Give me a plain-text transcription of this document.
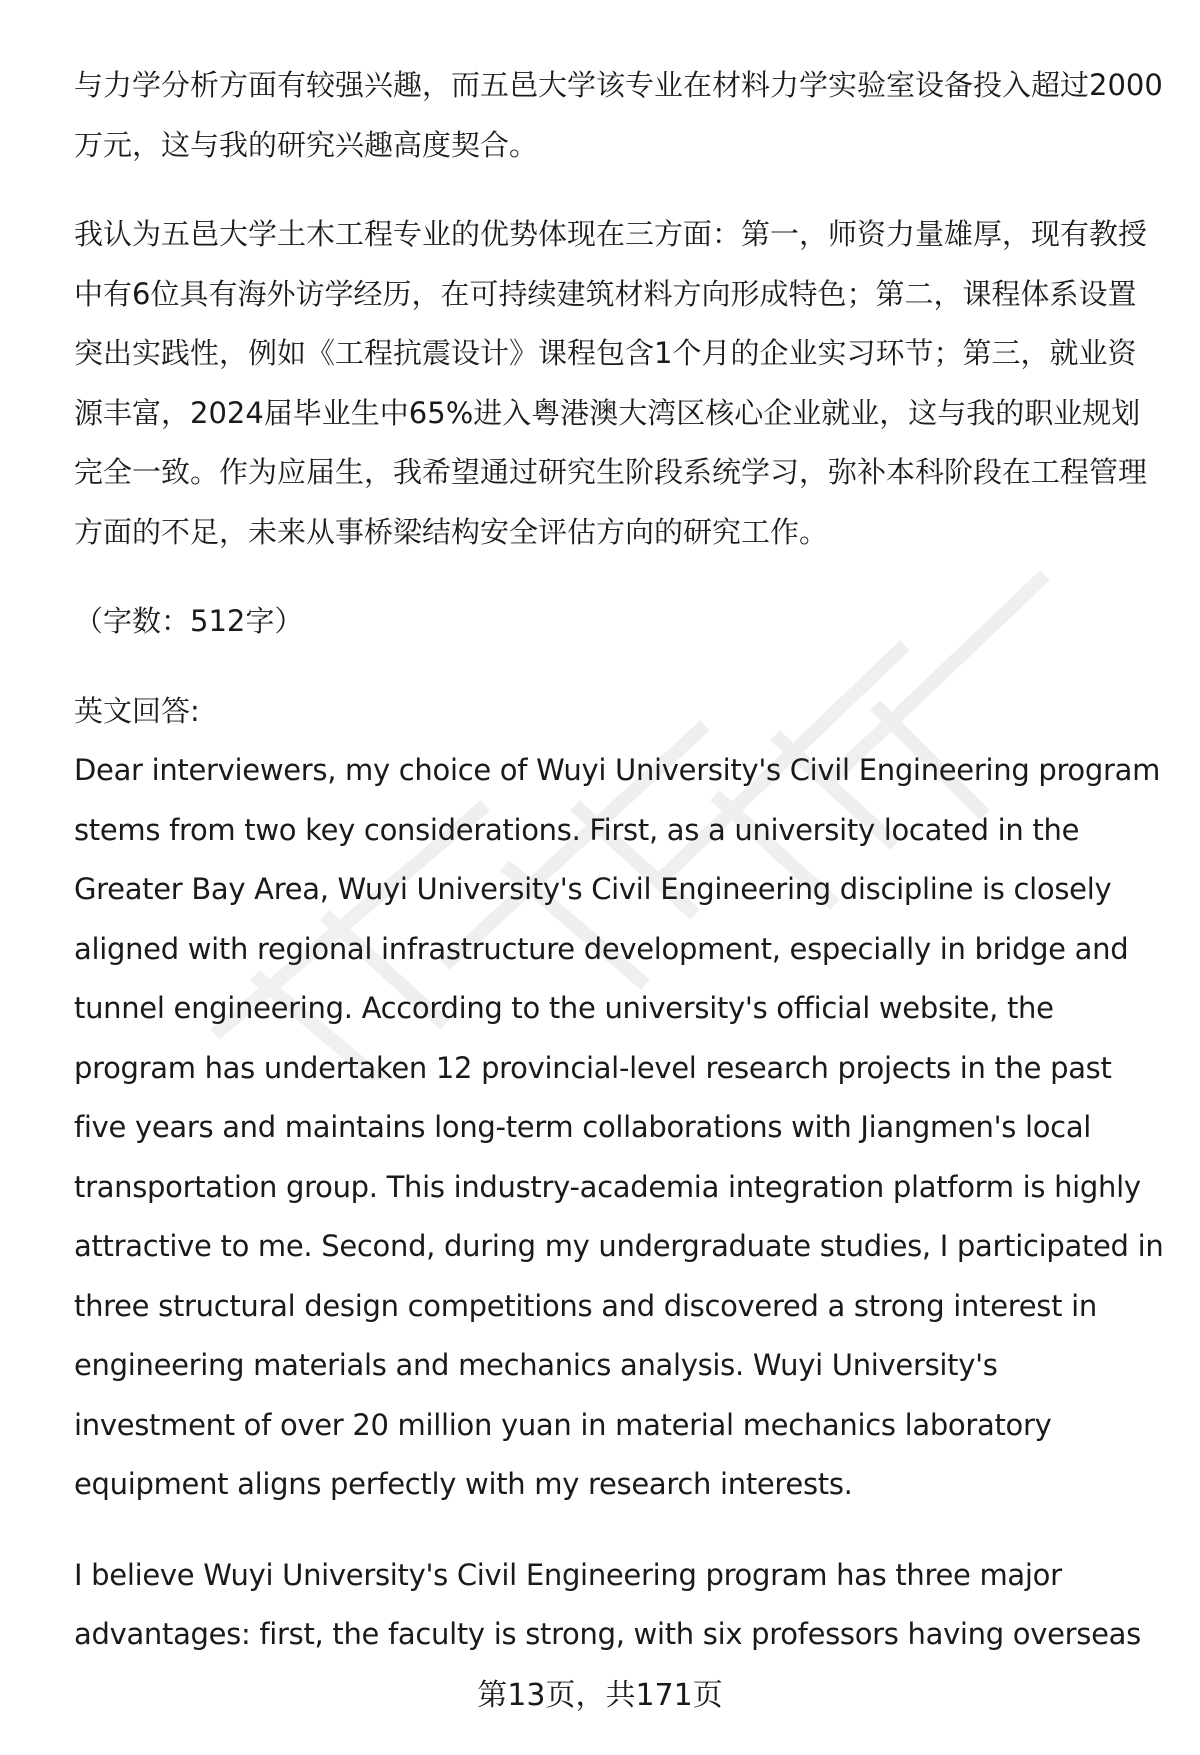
与力学分析方面有较强兴趣，而五邑大学该专业在材料力学实验室设备投入超过2000万元，这与我的研究兴趣高度契合。

我认为五邑大学土木工程专业的优势体现在三方面：第一，师资力量雄厚，现有教授中有6位具有海外访学经历，在可持续建筑材料方向形成特色；第二，课程体系设置突出实践性，例如《工程抗震设计》课程包含1个月的企业实习环节；第三，就业资源丰富，2024届毕业生中65%进入粤港澳大湾区核心企业就业，这与我的职业规划完全一致。作为应届生，我希望通过研究生阶段系统学习，弥补本科阶段在工程管理方面的不足，未来从事桥梁结构安全评估方向的研究工作。

（字数：512字）

英文回答:

Dear interviewers, my choice of Wuyi University's Civil Engineering program stems from two key considerations. First, as a university located in the Greater Bay Area, Wuyi University's Civil Engineering discipline is closely aligned with regional infrastructure development, especially in bridge and tunnel engineering. According to the university's official website, the program has undertaken 12 provincial-level research projects in the past five years and maintains long-term collaborations with Jiangmen's local transportation group. This industry-academia integration platform is highly attractive to me. Second, during my undergraduate studies, I participated in three structural design competitions and discovered a strong interest in engineering materials and mechanics analysis. Wuyi University's investment of over 20 million yuan in material mechanics laboratory equipment aligns perfectly with my research interests.

I believe Wuyi University's Civil Engineering program has three major advantages: first, the faculty is strong, with six professors having overseas

第13页，共171页
